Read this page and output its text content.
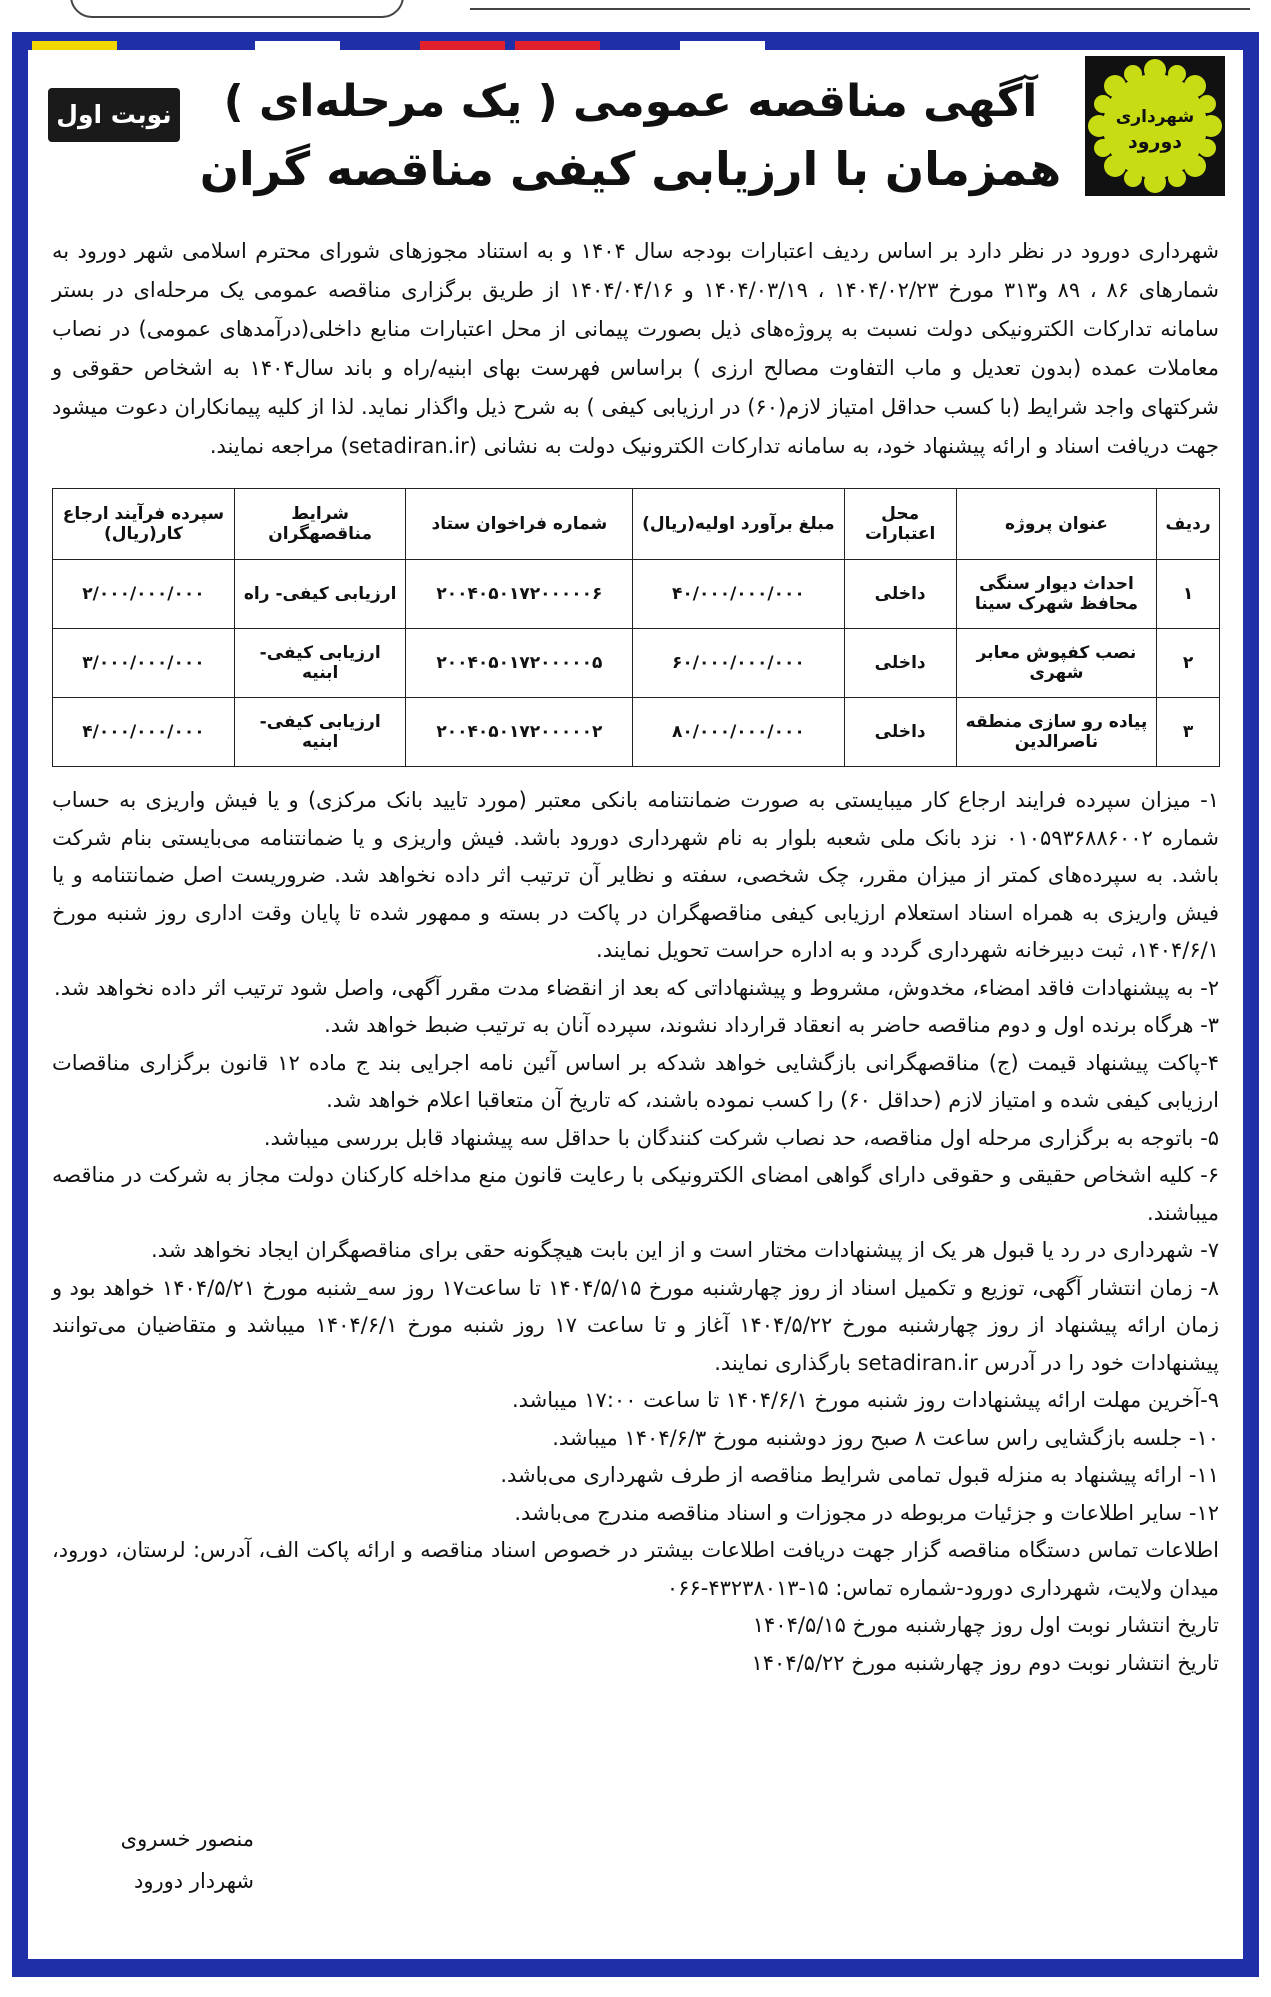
نوبت اول	شهرداری
دورود
آگهی مناقصه عمومی ( یک مرحله‌ای )
همزمان با ارزیابی کیفی مناقصه گران
شهرداری دورود در نظر دارد بر اساس ردیف اعتبارات بودجه سال ۱۴۰۴ و به استناد مجوزهای شورای محترم اسلامی شهر دورود به شمارهای ۸۶ ، ۸۹ و۳۱۳ مورخ ۱۴۰۴/۰۲/۲۳ ، ۱۴۰۴/۰۳/۱۹ و ۱۴۰۴/۰۴/۱۶ از طریق برگزاری مناقصه عمومی یک مرحله‌ای در بستر سامانه تدارکات الکترونیکی دولت نسبت به پروژه‌های ذیل بصورت پیمانی از محل اعتبارات منابع داخلی(درآمدهای عمومی) در نصاب معاملات عمده (بدون تعدیل و ماب التفاوت مصالح ارزی ) براساس فهرست بهای ابنیه/راه و باند سال۱۴۰۴ به اشخاص حقوقی و شرکتهای واجد شرایط (با کسب حداقل امتیاز لازم(۶۰) در ارزیابی کیفی ) به شرح ذیل واگذار نماید. لذا از کلیه پیمانکاران دعوت میشود جهت دریافت اسناد و ارائه پیشنهاد خود، به سامانه تدارکات الکترونیک دولت به نشانی (setadiran.ir) مراجعه نمایند.
ردیف	عنوان پروژه	محل اعتبارات	مبلغ برآورد اولیه(ریال)	شماره فراخوان ستاد	شرایط مناقصهگران	سپرده فرآیند ارجاع کار(ریال)
۱	احداث دیوار سنگی محافظ شهرک سینا	داخلی	۴۰/۰۰۰/۰۰۰/۰۰۰	۲۰۰۴۰۵۰۱۷۲۰۰۰۰۰۶	ارزیابی کیفی- راه	۲/۰۰۰/۰۰۰/۰۰۰
۲	نصب کفپوش معابر شهری	داخلی	۶۰/۰۰۰/۰۰۰/۰۰۰	۲۰۰۴۰۵۰۱۷۲۰۰۰۰۰۵	ارزیابی کیفی- ابنیه	۳/۰۰۰/۰۰۰/۰۰۰
۳	پیاده رو سازی منطقه ناصرالدین	داخلی	۸۰/۰۰۰/۰۰۰/۰۰۰	۲۰۰۴۰۵۰۱۷۲۰۰۰۰۰۲	ارزیابی کیفی- ابنیه	۴/۰۰۰/۰۰۰/۰۰۰

۱- میزان سپرده فرایند ارجاع کار میبایستی به صورت ضمانتنامه بانکی معتبر (مورد تایید بانک مرکزی) و یا فیش واریزی به حساب شماره ۰۱۰۵۹۳۶۸۸۶۰۰۲ نزد بانک ملی شعبه بلوار به نام شهرداری دورود باشد. فیش واریزی و یا ضمانتنامه می‌بایستی بنام شرکت باشد. به سپرده‌های کمتر از میزان مقرر، چک شخصی، سفته و نظایر آن ترتیب اثر داده نخواهد شد. ضروریست اصل ضمانتنامه و یا فیش واریزی به همراه اسناد استعلام ارزیابی کیفی مناقصهگران در پاکت در بسته و ممهور شده تا پایان وقت اداری روز شنبه مورخ ۱۴۰۴/۶/۱، ثبت دبیرخانه شهرداری گردد و به اداره حراست تحویل نمایند.

۲- به پیشنهادات فاقد امضاء، مخدوش، مشروط و پیشنهاداتی که بعد از انقضاء مدت مقرر آگهی، واصل شود ترتیب اثر داده نخواهد شد.

۳- هرگاه برنده اول و دوم مناقصه حاضر به انعقاد قرارداد نشوند، سپرده آنان به ترتیب ضبط خواهد شد.

۴-پاکت پیشنهاد قیمت (ج) مناقصهگرانی بازگشایی خواهد شدکه بر اساس آئین نامه اجرایی بند ج ماده ۱۲ قانون برگزاری مناقصات ارزیابی کیفی شده و امتیاز لازم (حداقل ۶۰) را کسب نموده باشند، که تاریخ آن متعاقبا اعلام خواهد شد.

۵- باتوجه به برگزاری مرحله اول مناقصه، حد نصاب شرکت کنندگان با حداقل سه پیشنهاد قابل بررسی میباشد.

۶- کلیه اشخاص حقیقی و حقوقی دارای گواهی امضای الکترونیکی با رعایت قانون منع مداخله کارکنان دولت مجاز به شرکت در مناقصه میباشند.

۷- شهرداری در رد یا قبول هر یک از پیشنهادات مختار است و از این بابت هیچگونه حقی برای مناقصهگران ایجاد نخواهد شد.

۸- زمان انتشار آگهی، توزیع و تکمیل اسناد از روز چهارشنبه مورخ ۱۴۰۴/۵/۱۵ تا ساعت۱۷ روز سه_شنبه مورخ ۱۴۰۴/۵/۲۱ خواهد بود و زمان ارائه پیشنهاد از روز چهارشنبه مورخ ۱۴۰۴/۵/۲۲ آغاز و تا ساعت ۱۷ روز شنبه مورخ ۱۴۰۴/۶/۱ میباشد و متقاضیان می‌توانند پیشنهادات خود را در آدرس setadiran.ir بارگذاری نمایند.

۹-آخرین مهلت ارائه پیشنهادات روز شنبه مورخ ۱۴۰۴/۶/۱ تا ساعت ۱۷:۰۰ میباشد.

۱۰- جلسه بازگشایی راس ساعت ۸ صبح روز دوشنبه مورخ ۱۴۰۴/۶/۳ میباشد.

۱۱- ارائه پیشنهاد به منزله قبول تمامی شرایط مناقصه از طرف شهرداری می‌باشد.

۱۲- سایر اطلاعات و جزئیات مربوطه در مجوزات و اسناد مناقصه مندرج می‌باشد.

اطلاعات تماس دستگاه مناقصه گزار جهت دریافت اطلاعات بیشتر در خصوص اسناد مناقصه و ارائه پاکت الف، آدرس: لرستان، دورود، میدان ولایت، شهرداری دورود-شماره تماس: ۱۵-۴۳۲۳۸۰۱۳-۰۶۶

تاریخ انتشار نوبت اول روز چهارشنبه مورخ ۱۴۰۴/۵/۱۵

تاریخ انتشار نوبت دوم روز چهارشنبه مورخ ۱۴۰۴/۵/۲۲

منصور خسروی
شهردار دورود
